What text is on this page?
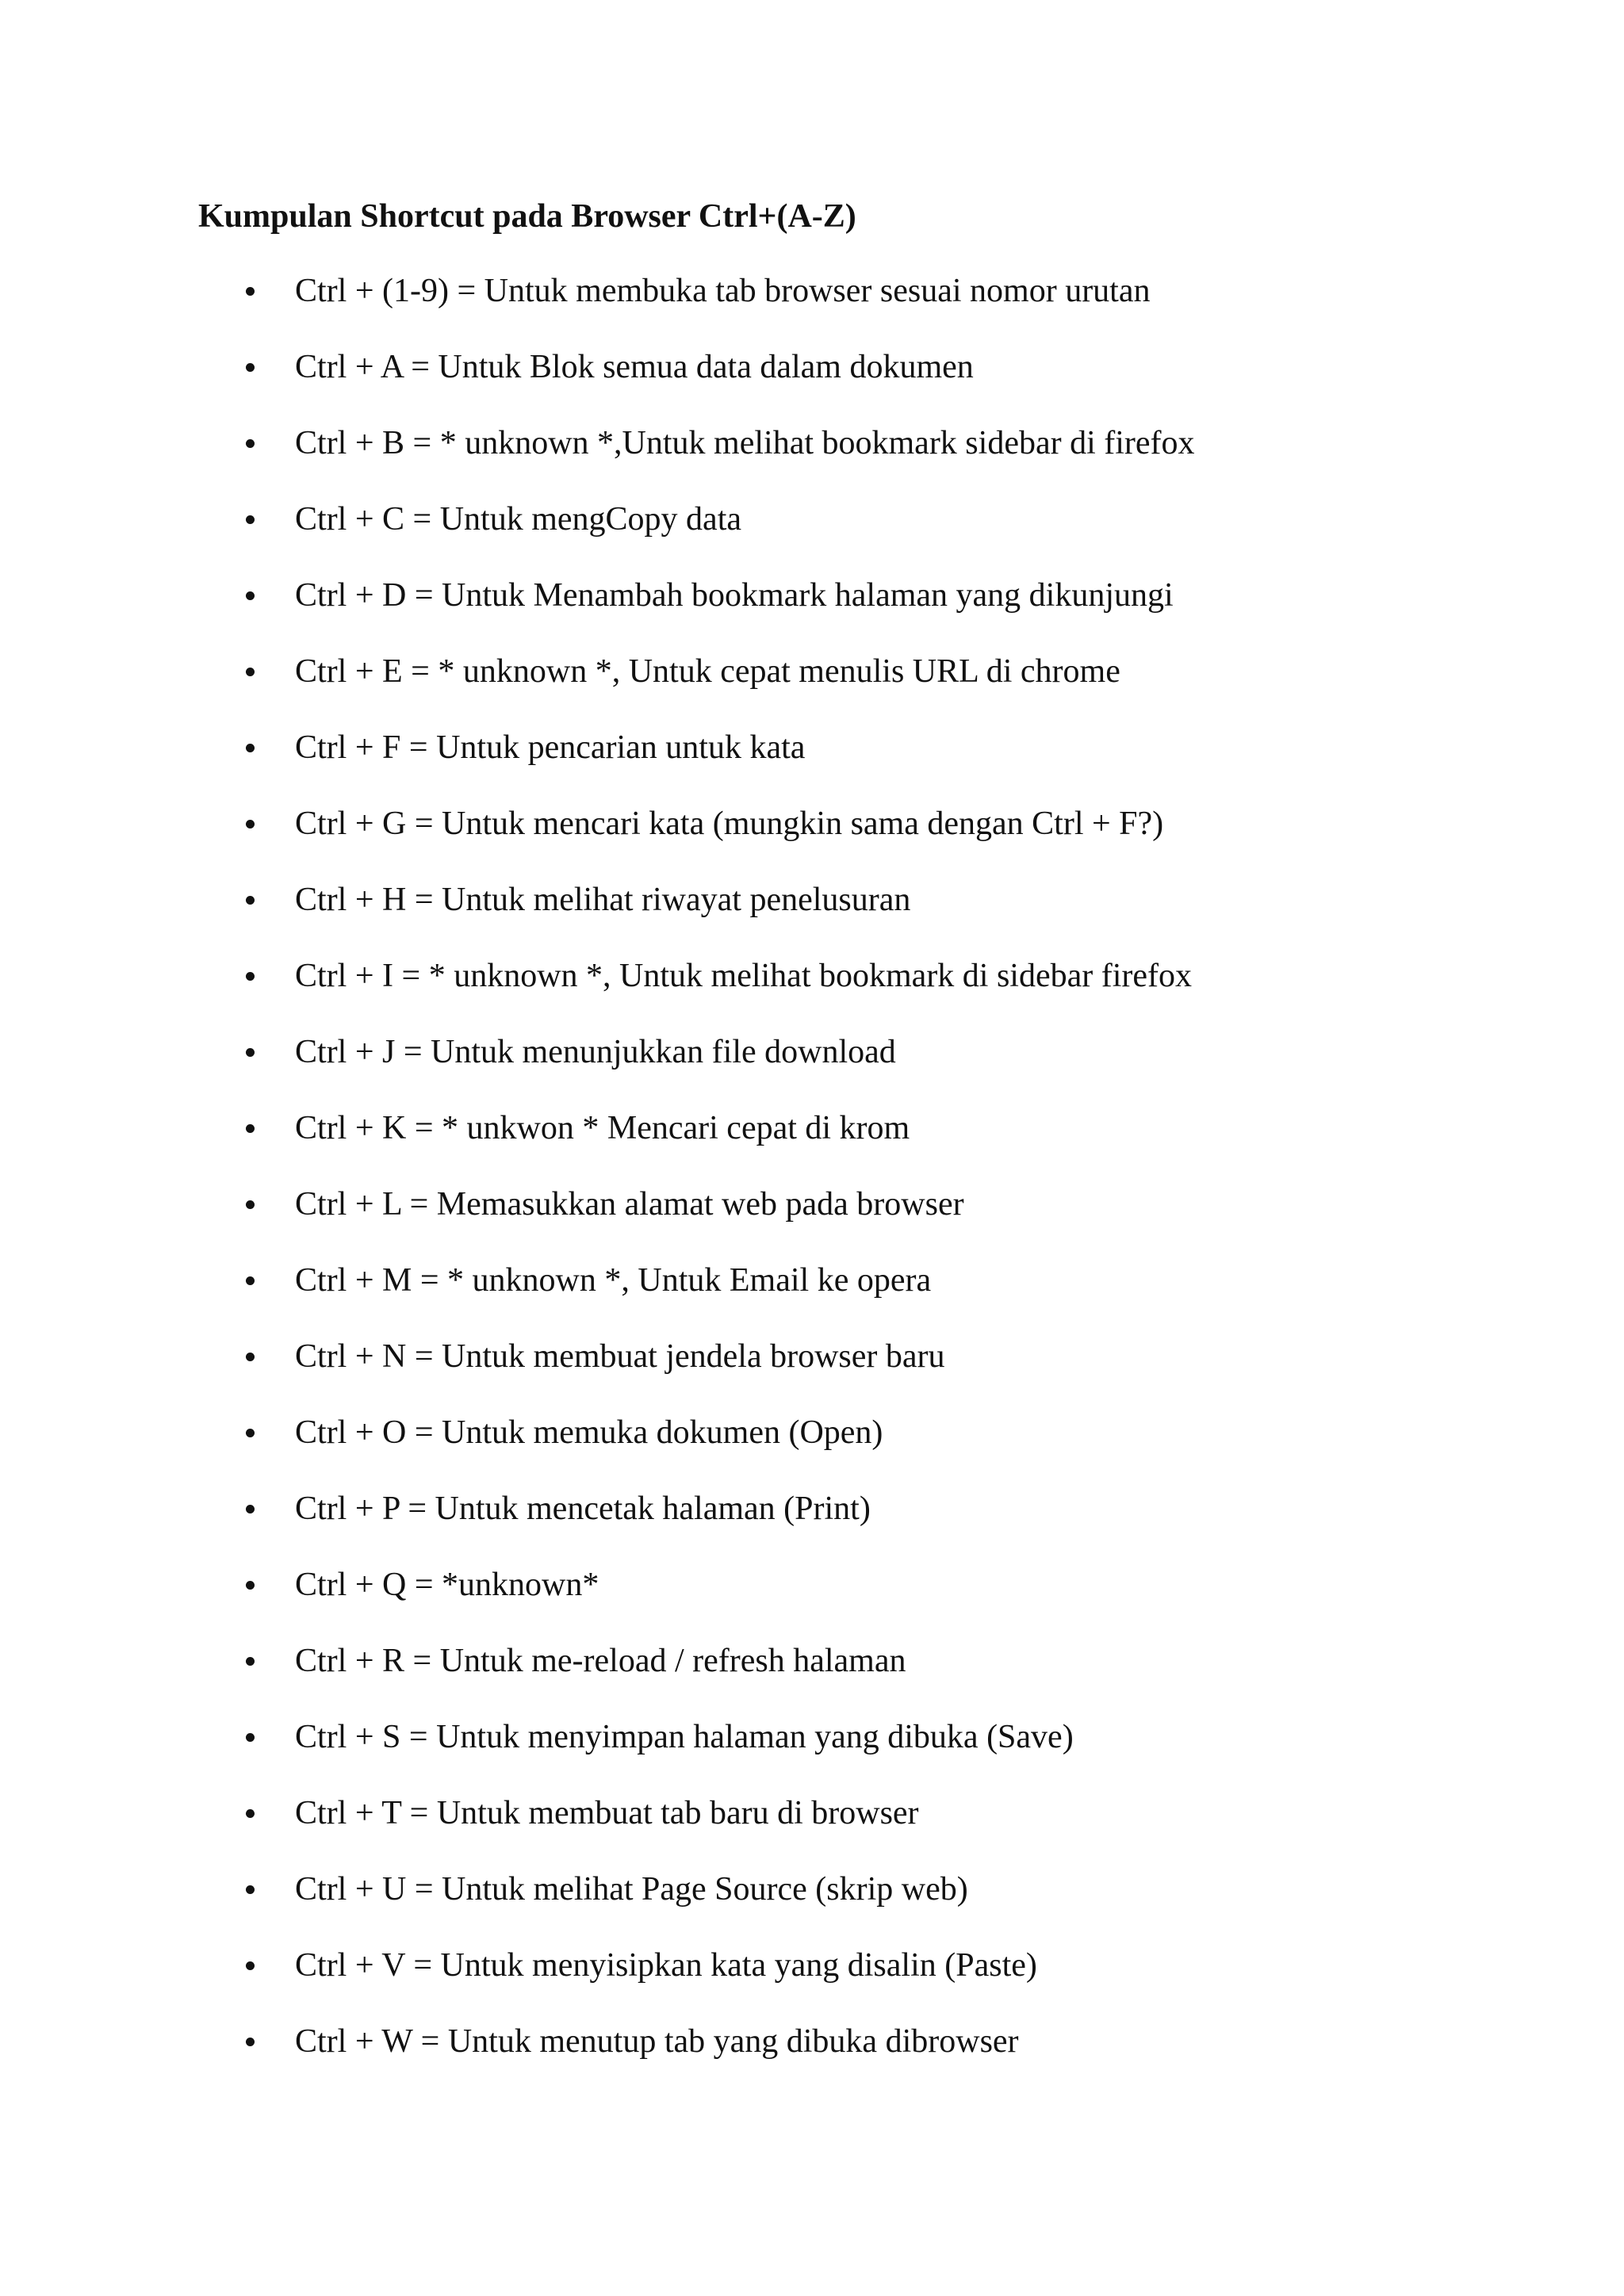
Kumpulan Shortcut pada Browser Ctrl+(A-Z)
Ctrl + (1-9) = Untuk membuka tab browser sesuai nomor urutan
Ctrl + A = Untuk Blok semua data dalam dokumen
Ctrl + B = * unknown *,Untuk melihat bookmark sidebar di firefox
Ctrl + C = Untuk mengCopy data
Ctrl + D = Untuk Menambah bookmark halaman yang dikunjungi
Ctrl + E = * unknown *, Untuk cepat menulis URL di chrome
Ctrl + F = Untuk pencarian untuk kata
Ctrl + G = Untuk mencari kata (mungkin sama dengan Ctrl + F?)
Ctrl + H = Untuk melihat riwayat penelusuran
Ctrl + I = * unknown *, Untuk melihat bookmark di sidebar firefox
Ctrl + J = Untuk menunjukkan file download
Ctrl + K = * unkwon * Mencari cepat di krom
Ctrl + L = Memasukkan alamat web pada browser
Ctrl + M = * unknown *, Untuk Email ke opera
Ctrl + N = Untuk membuat jendela browser baru
Ctrl + O = Untuk memuka dokumen (Open)
Ctrl + P = Untuk mencetak halaman (Print)
Ctrl + Q = *unknown*
Ctrl + R = Untuk me-reload / refresh halaman
Ctrl + S = Untuk menyimpan halaman yang dibuka (Save)
Ctrl + T = Untuk membuat tab baru di browser
Ctrl + U = Untuk melihat Page Source (skrip web)
Ctrl + V = Untuk menyisipkan kata yang disalin (Paste)
Ctrl + W = Untuk menutup tab yang dibuka dibrowser
